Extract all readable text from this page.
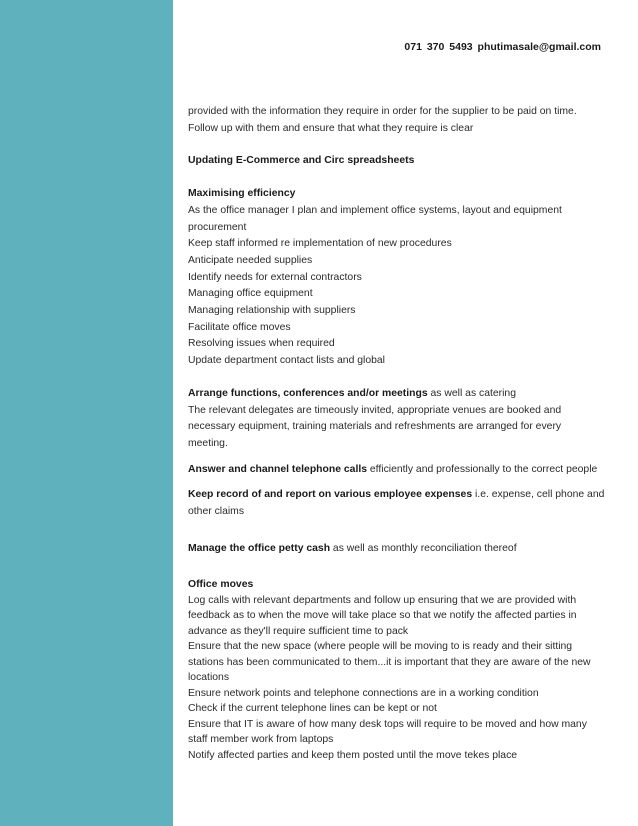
071 370 5493 phutimasale@gmail.com
provided with the information they require in order for the supplier to be paid on time.
Follow up with them and ensure that what they require is clear
Updating E-Commerce and Circ spreadsheets
Maximising efficiency
As the office manager I plan and implement office systems, layout and equipment
procurement
Keep staff informed re implementation of new procedures
Anticipate needed supplies
Identify needs for external contractors
Managing office equipment
Managing relationship with suppliers
Facilitate office moves
Resolving issues when required
Update department contact lists and global
Arrange functions, conferences and/or meetings as well as catering
The relevant delegates are timeously invited, appropriate venues are booked and
necessary equipment, training materials and refreshments are arranged for every
meeting.
Answer and channel telephone calls efficiently and professionally to the correct people
Keep record of and report on various employee expenses i.e. expense, cell phone and
other claims
Manage the office petty cash as well as monthly reconciliation thereof
Office moves
Log calls with relevant departments and follow up ensuring that we are provided with
feedback as to when the move will take place so that we notify the affected parties in
advance as they'll require sufficient time to pack
Ensure that the new space (where people will be moving to is ready and their sitting
stations has been communicated to them...it is important that they are aware of the new
locations
Ensure network points and telephone connections are in a working condition
Check if the current telephone lines can be kept or not
Ensure that IT is aware of how many desk tops will require to be moved and how many
staff member work from laptops
Notify affected parties and keep them posted until the move tekes place
